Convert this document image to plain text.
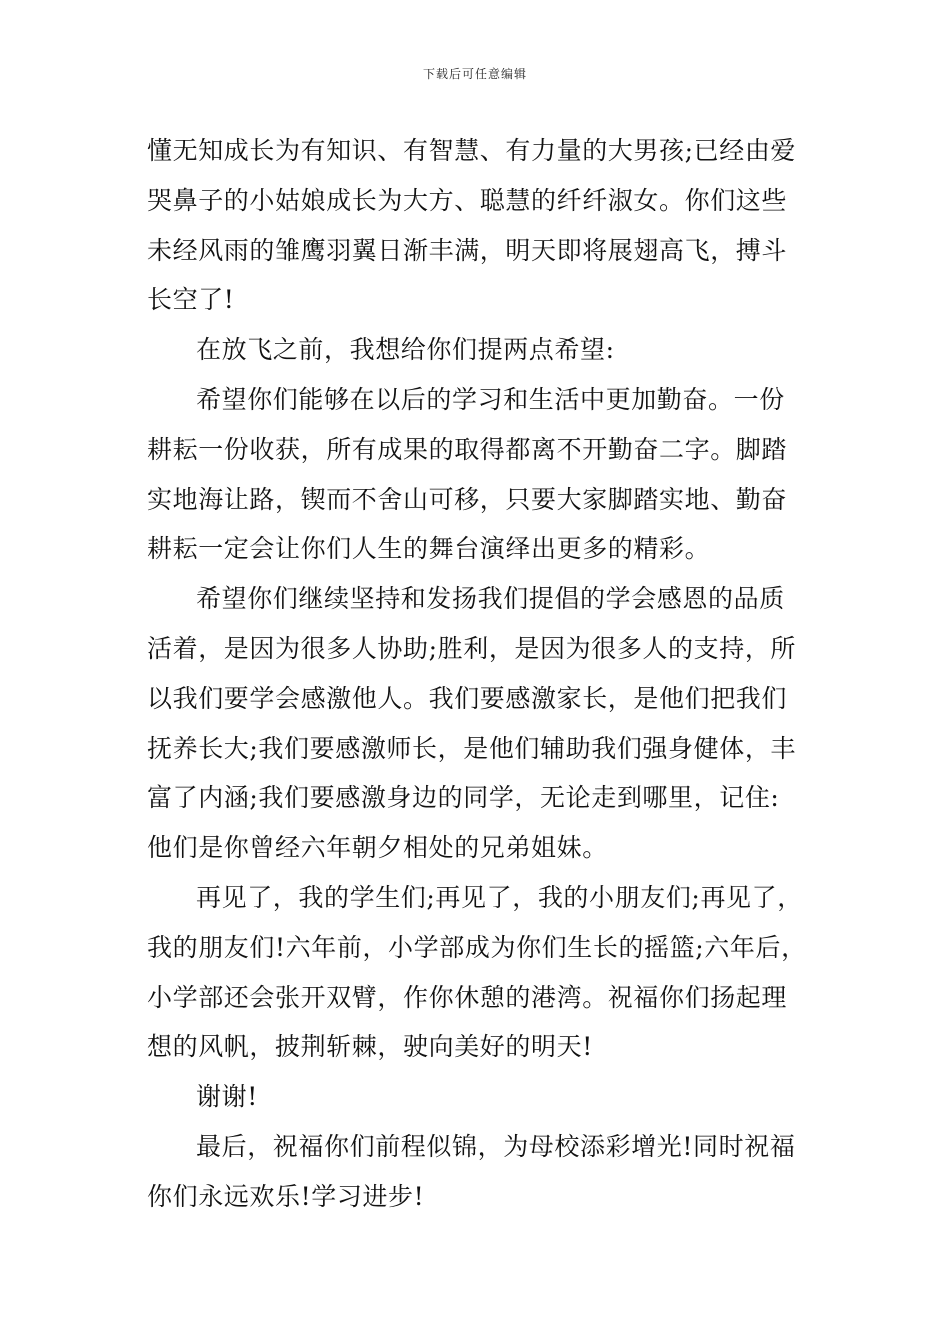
下载后可任意编辑
懂无知成长为有知识、有智慧、有力量的大男孩;已经由爱
哭鼻子的小姑娘成长为大方、聪慧的纤纤淑女。你们这些
未经风雨的雏鹰羽翼日渐丰满，明天即将展翅高飞，搏斗
长空了!
在放飞之前，我想给你们提两点希望:
希望你们能够在以后的学习和生活中更加勤奋。一份
耕耘一份收获，所有成果的取得都离不开勤奋二字。脚踏
实地海让路，锲而不舍山可移，只要大家脚踏实地、勤奋
耕耘一定会让你们人生的舞台演绎出更多的精彩。
希望你们继续坚持和发扬我们提倡的学会感恩的品质
活着，是因为很多人协助;胜利，是因为很多人的支持，所
以我们要学会感激他人。我们要感激家长，是他们把我们
抚养长大;我们要感激师长，是他们辅助我们强身健体，丰
富了内涵;我们要感激身边的同学，无论走到哪里，记住:
他们是你曾经六年朝夕相处的兄弟姐妹。
再见了，我的学生们;再见了，我的小朋友们;再见了，
我的朋友们!六年前，小学部成为你们生长的摇篮;六年后，
小学部还会张开双臂，作你休憩的港湾。祝福你们扬起理
想的风帆，披荆斩棘，驶向美好的明天!
谢谢!
最后，祝福你们前程似锦，为母校添彩增光!同时祝福
你们永远欢乐!学习进步!
